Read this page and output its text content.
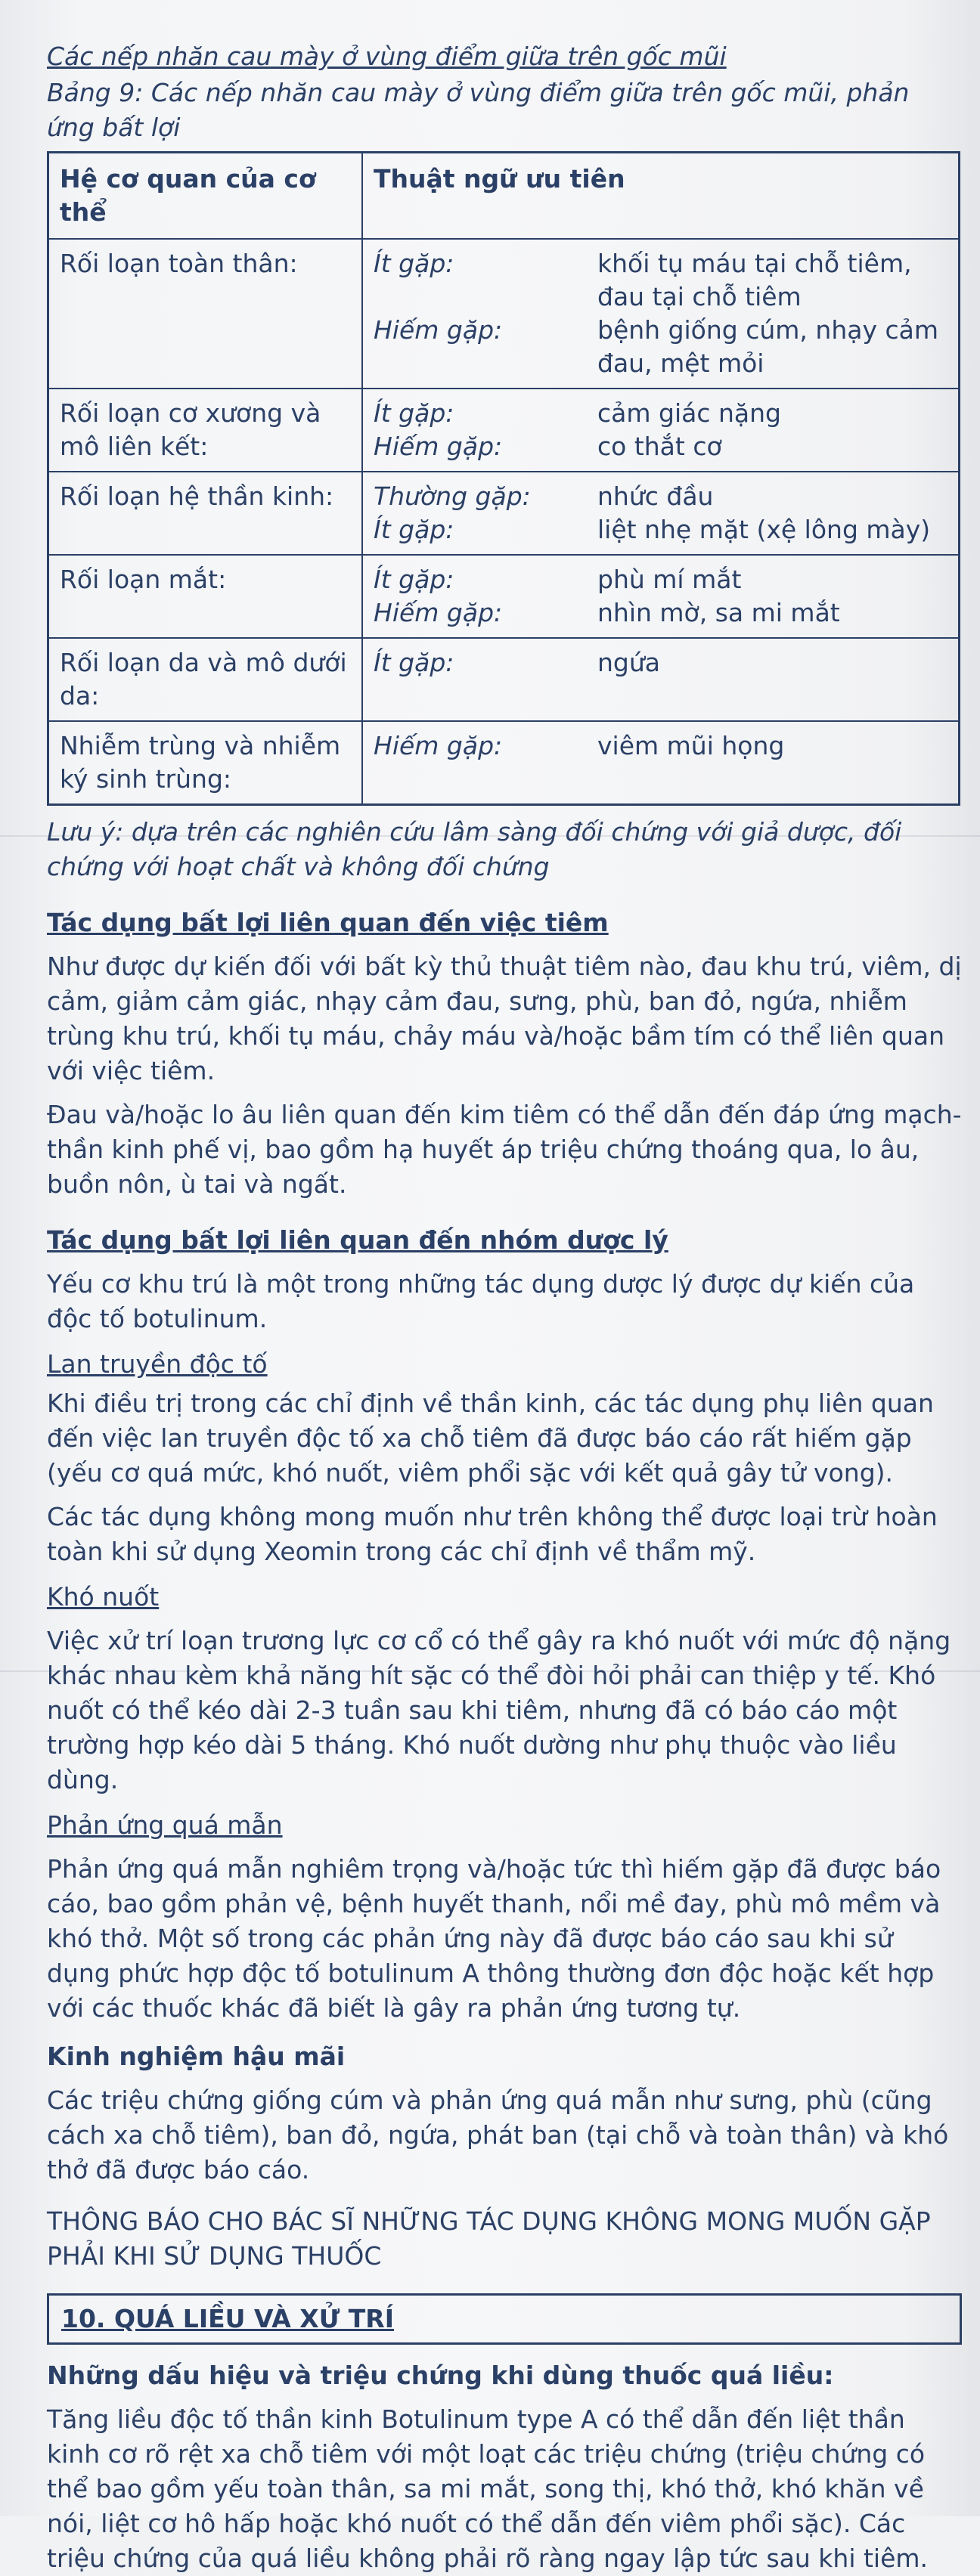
Các nếp nhăn cau mày ở vùng điểm giữa trên gốc mũi

Bảng 9: Các nếp nhăn cau mày ở vùng điểm giữa trên gốc mũi, phản ứng bất lợi

Hệ cơ quan của cơ thể	Thuật ngữ ưu tiên
Rối loạn toàn thân:	Ít gặp: khối tụ máu tại chỗ tiêm, đau tại chỗ tiêm
Hiếm gặp: bệnh giống cúm, nhạy cảm đau, mệt mỏi

Rối loạn cơ xương và mô liên kết:	Ít gặp: cảm giác nặng
Hiếm gặp: co thắt cơ

Rối loạn hệ thần kinh:	Thường gặp: nhức đầu
Ít gặp: liệt nhẹ mặt (xệ lông mày)

Rối loạn mắt:	Ít gặp: phù mí mắt
Hiếm gặp: nhìn mờ, sa mi mắt

Rối loạn da và mô dưới da:	Ít gặp: ngứa

Nhiễm trùng và nhiễm ký sinh trùng:	Hiếm gặp: viêm mũi họng

Lưu ý: dựa trên các nghiên cứu lâm sàng đối chứng với giả dược, đối chứng với hoạt chất và không đối chứng

Tác dụng bất lợi liên quan đến việc tiêm

Như được dự kiến đối với bất kỳ thủ thuật tiêm nào, đau khu trú, viêm, dị cảm, giảm cảm giác, nhạy cảm đau, sưng, phù, ban đỏ, ngứa, nhiễm trùng khu trú, khối tụ máu, chảy máu và/hoặc bầm tím có thể liên quan với việc tiêm.

Đau và/hoặc lo âu liên quan đến kim tiêm có thể dẫn đến đáp ứng mạch-thần kinh phế vị, bao gồm hạ huyết áp triệu chứng thoáng qua, lo âu, buồn nôn, ù tai và ngất.

Tác dụng bất lợi liên quan đến nhóm dược lý

Yếu cơ khu trú là một trong những tác dụng dược lý được dự kiến của độc tố botulinum.

Lan truyền độc tố

Khi điều trị trong các chỉ định về thần kinh, các tác dụng phụ liên quan đến việc lan truyền độc tố xa chỗ tiêm đã được báo cáo rất hiếm gặp (yếu cơ quá mức, khó nuốt, viêm phổi sặc với kết quả gây tử vong).

Các tác dụng không mong muốn như trên không thể được loại trừ hoàn toàn khi sử dụng Xeomin trong các chỉ định về thẩm mỹ.

Khó nuốt

Việc xử trí loạn trương lực cơ cổ có thể gây ra khó nuốt với mức độ nặng khác nhau kèm khả năng hít sặc có thể đòi hỏi phải can thiệp y tế. Khó nuốt có thể kéo dài 2-3 tuần sau khi tiêm, nhưng đã có báo cáo một trường hợp kéo dài 5 tháng. Khó nuốt dường như phụ thuộc vào liều dùng.

Phản ứng quá mẫn

Phản ứng quá mẫn nghiêm trọng và/hoặc tức thì hiếm gặp đã được báo cáo, bao gồm phản vệ, bệnh huyết thanh, nổi mề đay, phù mô mềm và khó thở. Một số trong các phản ứng này đã được báo cáo sau khi sử dụng phức hợp độc tố botulinum A thông thường đơn độc hoặc kết hợp với các thuốc khác đã biết là gây ra phản ứng tương tự.

Kinh nghiệm hậu mãi

Các triệu chứng giống cúm và phản ứng quá mẫn như sưng, phù (cũng cách xa chỗ tiêm), ban đỏ, ngứa, phát ban (tại chỗ và toàn thân) và khó thở đã được báo cáo.

THÔNG BÁO CHO BÁC SĨ NHỮNG TÁC DỤNG KHÔNG MONG MUỐN GẶP PHẢI KHI SỬ DỤNG THUỐC

10. QUÁ LIỀU VÀ XỬ TRÍ

Những dấu hiệu và triệu chứng khi dùng thuốc quá liều:

Tăng liều độc tố thần kinh Botulinum type A có thể dẫn đến liệt thần kinh cơ rõ rệt xa chỗ tiêm với một loạt các triệu chứng (triệu chứng có thể bao gồm yếu toàn thân, sa mi mắt, song thị, khó thở, khó khăn về nói, liệt cơ hô hấp hoặc khó nuốt có thể dẫn đến viêm phổi sặc). Các triệu chứng của quá liều không phải rõ ràng ngay lập tức sau khi tiêm.
